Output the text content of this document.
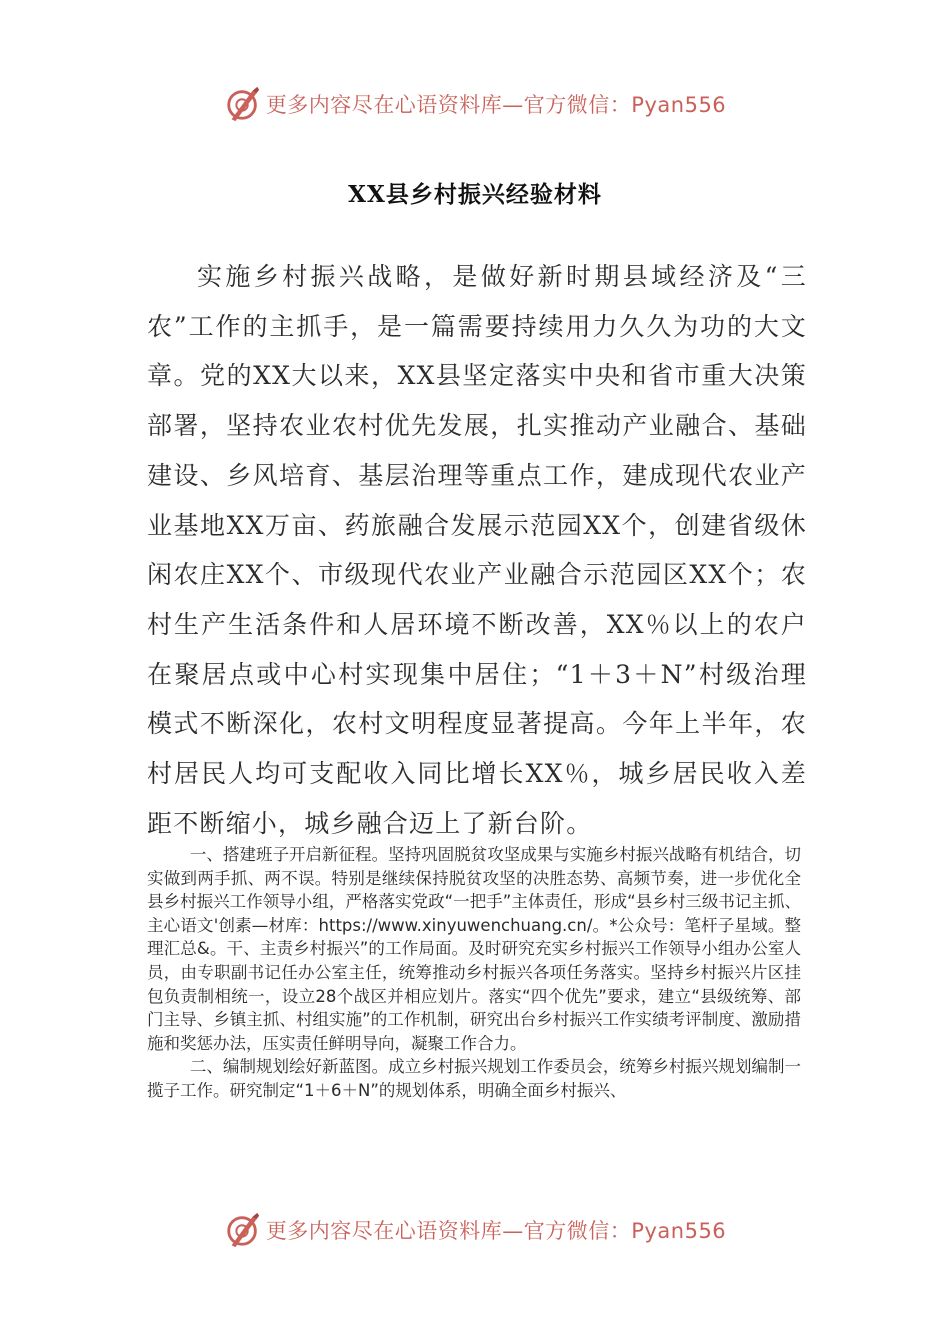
更多内容尽在心语资料库—官方微信：Pyan556
XX县乡村振兴经验材料

实施乡村振兴战略，是做好新时期县域经济及“三农”工作的主抓手，是一篇需要持续用力久久为功的大文章。党的XX大以来，XX县坚定落实中央和省市重大决策部署，坚持农业农村优先发展，扎实推动产业融合、基础建设、乡风培育、基层治理等重点工作，建成现代农业产业基地XX万亩、药旅融合发展示范园XX个，创建省级休闲农庄XX个、市级现代农业产业融合示范园区XX个；农村生产生活条件和人居环境不断改善，XX％以上的农户在聚居点或中心村实现集中居住；“1＋3＋N”村级治理模式不断深化，农村文明程度显著提高。今年上半年，农村居民人均可支配收入同比增长XX％，城乡居民收入差距不断缩小，城乡融合迈上了新台阶。

一、搭建班子开启新征程。坚持巩固脱贫攻坚成果与实施乡村振兴战略有机结合，切实做到两手抓、两不误。特别是继续保持脱贫攻坚的决胜态势、高频节奏，进一步优化全县乡村振兴工作领导小组，严格落实党政“一把手”主体责任，形成“县乡村三级书记主抓、主心语文'创素—材库：https://www.xinyuwenchuang.cn/。*公众号：笔杆子星域。整理汇总&。干、主责乡村振兴”的工作局面。及时研究充实乡村振兴工作领导小组办公室人员，由专职副书记任办公室主任，统筹推动乡村振兴各项任务落实。坚持乡村振兴片区挂包负责制相统一，设立28个战区并相应划片。落实“四个优先”要求，建立“县级统筹、部门主导、乡镇主抓、村组实施”的工作机制，研究出台乡村振兴工作实绩考评制度、激励措施和奖惩办法，压实责任鲜明导向，凝聚工作合力。

二、编制规划绘好新蓝图。成立乡村振兴规划工作委员会，统筹乡村振兴规划编制一揽子工作。研究制定“1＋6＋N”的规划体系，明确全面乡村振兴、

更多内容尽在心语资料库—官方微信：Pyan556
